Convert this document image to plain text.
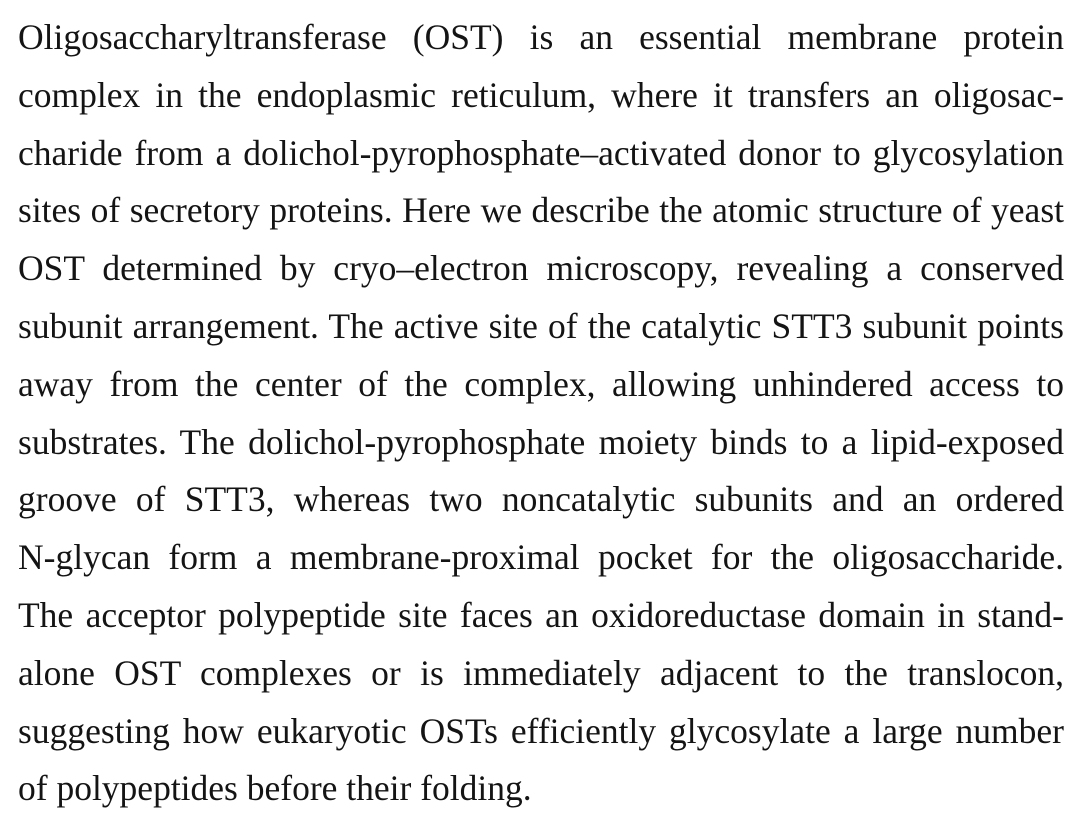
Oligosaccharyltransferase (OST) is an essential membrane protein
complex in the endoplasmic reticulum, where it transfers an oligosac-
charide from a dolichol-pyrophosphate–activated donor to glycosylation
sites of secretory proteins. Here we describe the atomic structure of yeast
OST determined by cryo–electron microscopy, revealing a conserved
subunit arrangement. The active site of the catalytic STT3 subunit points
away from the center of the complex, allowing unhindered access to
substrates. The dolichol-pyrophosphate moiety binds to a lipid-exposed
groove of STT3, whereas two noncatalytic subunits and an ordered
N-glycan form a membrane-proximal pocket for the oligosaccharide.
The acceptor polypeptide site faces an oxidoreductase domain in stand-
alone OST complexes or is immediately adjacent to the translocon,
suggesting how eukaryotic OSTs efficiently glycosylate a large number
of polypeptides before their folding.
